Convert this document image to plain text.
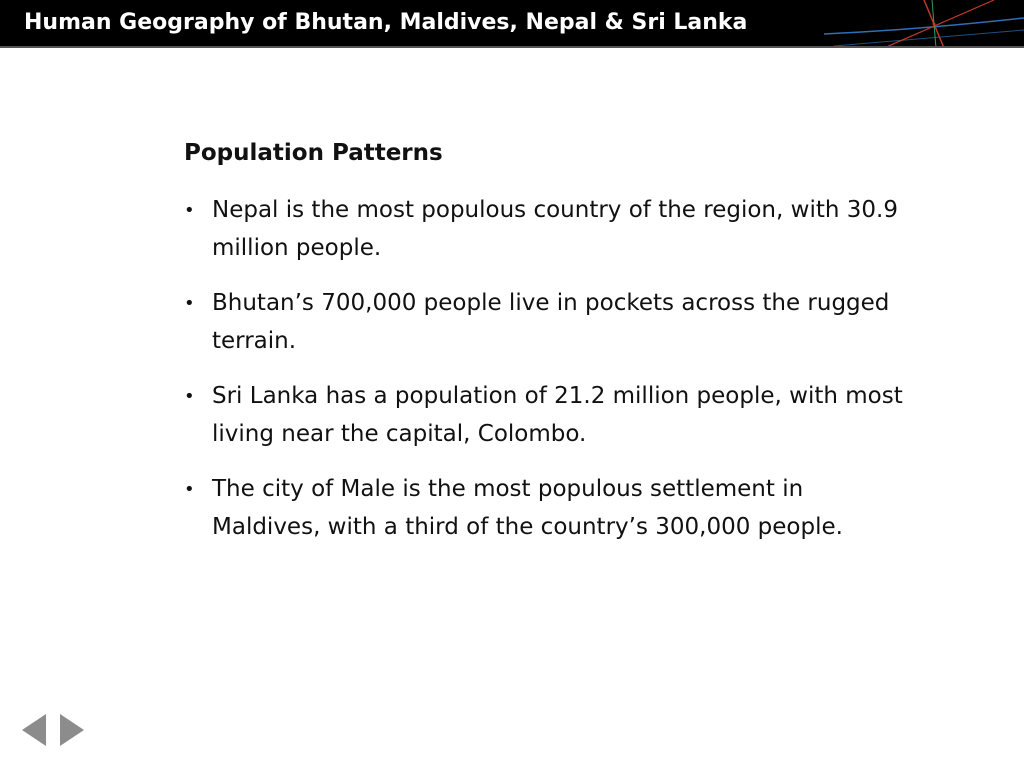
Human Geography of Bhutan, Maldives, Nepal & Sri Lanka
Population Patterns
• Nepal is the most populous country of the region, with 30.9 million people.
• Bhutan’s 700,000 people live in pockets across the rugged terrain.
• Sri Lanka has a population of 21.2 million people, with most living near the capital, Colombo.
• The city of Male is the most populous settlement in Maldives, with a third of the country’s 300,000 people.
